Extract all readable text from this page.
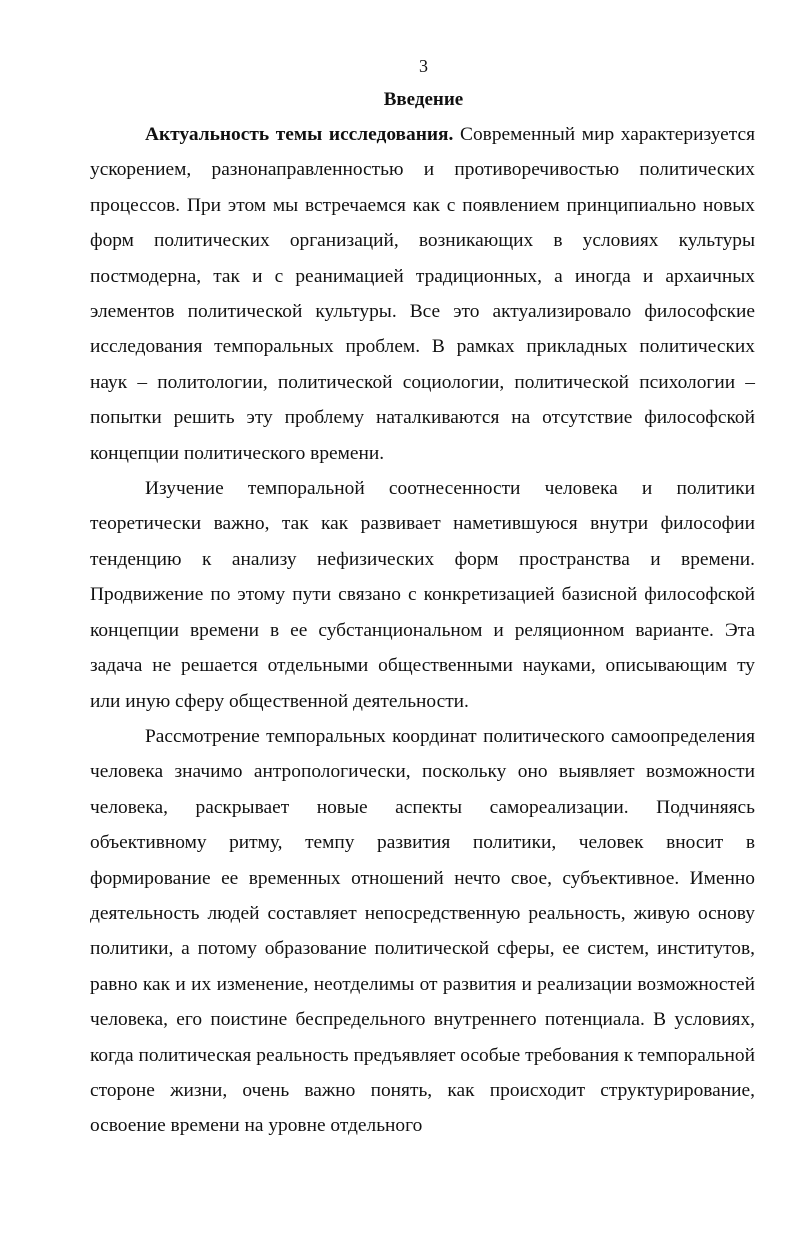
3
Введение

Актуальность темы исследования. Современный мир характеризуется ускорением, разнонаправленностью и противоречивостью политических процессов. При этом мы встречаемся как с появлением принципиально новых форм политических организаций, возникающих в условиях культуры постмодерна, так и с реанимацией традиционных, а иногда и архаичных элементов политической культуры. Все это актуализировало философские исследования темпоральных проблем. В рамках прикладных политических наук – политологии, политической социологии, политической психологии – попытки решить эту проблему наталкиваются на отсутствие философской концепции политического времени.

Изучение темпоральной соотнесенности человека и политики теоретически важно, так как развивает наметившуюся внутри философии тенденцию к анализу нефизических форм пространства и времени. Продвижение по этому пути связано с конкретизацией базисной философской концепции времени в ее субстанциональном и реляционном варианте. Эта задача не решается отдельными общественными науками, описывающим ту или иную сферу общественной деятельности.

Рассмотрение темпоральных координат политического самоопределения человека значимо антропологически, поскольку оно выявляет возможности человека, раскрывает новые аспекты самореализации. Подчиняясь объективному ритму, темпу развития политики, человек вносит в формирование ее временных отношений нечто свое, субъективное. Именно деятельность людей составляет непосредственную реальность, живую основу политики, а потому образование политической сферы, ее систем, институтов, равно как и их изменение, неотделимы от развития и реализации возможностей человека, его поистине беспредельного внутреннего потенциала. В условиях, когда политическая реальность предъявляет особые требования к темпоральной стороне жизни, очень важно понять, как происходит структурирование, освоение времени на уровне отдельного
